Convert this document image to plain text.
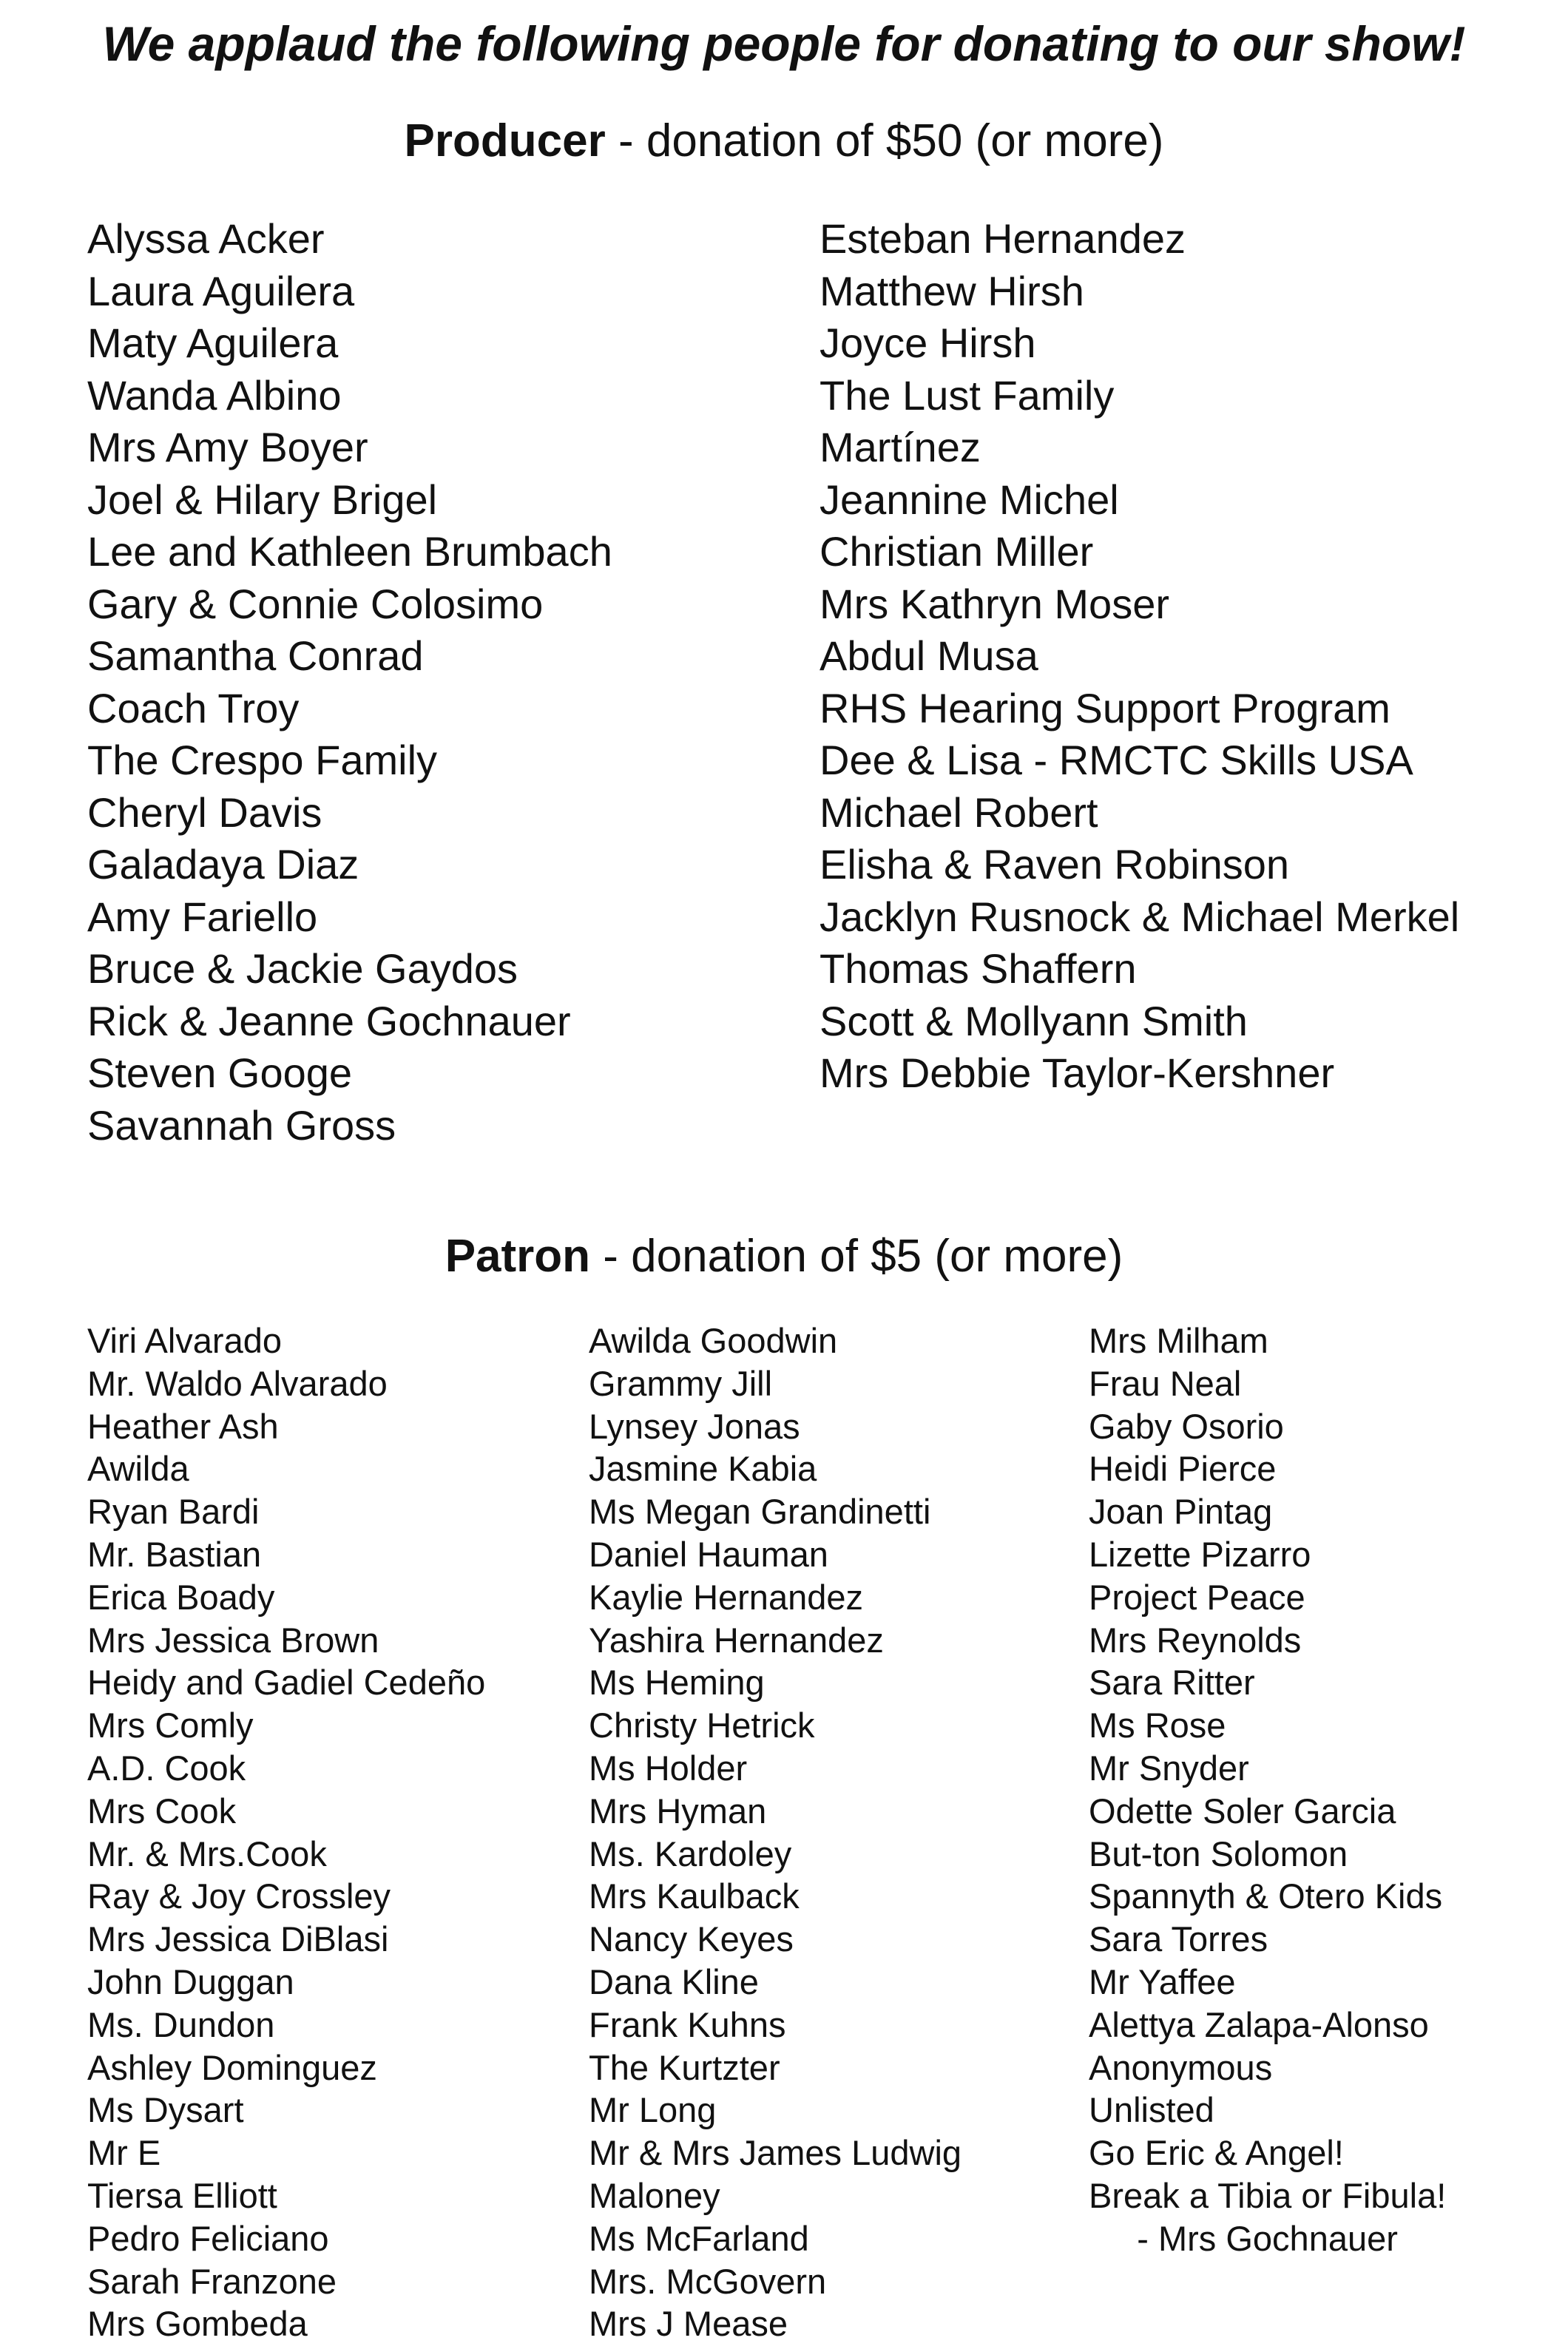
We applaud the following people for donating to our show!
Producer - donation of $50 (or more)
Alyssa Acker
Laura Aguilera
Maty Aguilera
Wanda Albino
Mrs Amy Boyer
Joel & Hilary Brigel
Lee and Kathleen Brumbach
Gary & Connie Colosimo
Samantha Conrad
Coach Troy
The Crespo Family
Cheryl Davis
Galadaya Diaz
Amy Fariello
Bruce & Jackie Gaydos
Rick & Jeanne Gochnauer
Steven Googe
Savannah Gross
Esteban Hernandez
Matthew Hirsh
Joyce Hirsh
The Lust Family
Martínez
Jeannine Michel
Christian Miller
Mrs Kathryn Moser
Abdul Musa
RHS Hearing Support Program
Dee & Lisa - RMCTC Skills USA
Michael Robert
Elisha & Raven Robinson
Jacklyn Rusnock & Michael Merkel
Thomas Shaffern
Scott & Mollyann Smith
Mrs Debbie Taylor-Kershner
Patron - donation of $5 (or more)
Viri Alvarado
Mr. Waldo Alvarado
Heather Ash
Awilda
Ryan Bardi
Mr. Bastian
Erica Boady
Mrs Jessica Brown
Heidy and Gadiel Cedeño
Mrs Comly
A.D. Cook
Mrs Cook
Mr. & Mrs.Cook
Ray & Joy Crossley
Mrs Jessica DiBlasi
John Duggan
Ms. Dundon
Ashley Dominguez
Ms Dysart
Mr E
Tiersa Elliott
Pedro Feliciano
Sarah Franzone
Mrs Gombeda
Awilda Goodwin
Grammy Jill
Lynsey Jonas
Jasmine Kabia
Ms Megan Grandinetti
Daniel Hauman
Kaylie Hernandez
Yashira Hernandez
Ms Heming
Christy Hetrick
Ms Holder
Mrs Hyman
Ms. Kardoley
Mrs Kaulback
Nancy Keyes
Dana Kline
Frank Kuhns
The Kurtzter
Mr Long
Mr & Mrs James Ludwig
Maloney
Ms McFarland
Mrs. McGovern
Mrs J Mease
Mrs Milham
Frau Neal
Gaby Osorio
Heidi Pierce
Joan Pintag
Lizette Pizarro
Project Peace
Mrs Reynolds
Sara Ritter
Ms Rose
Mr Snyder
Odette Soler Garcia
But-ton Solomon
Spannyth & Otero Kids
Sara Torres
Mr Yaffee
Alettya Zalapa-Alonso
Anonymous
Unlisted
Go Eric & Angel!
Break a Tibia or Fibula!
- Mrs Gochnauer
